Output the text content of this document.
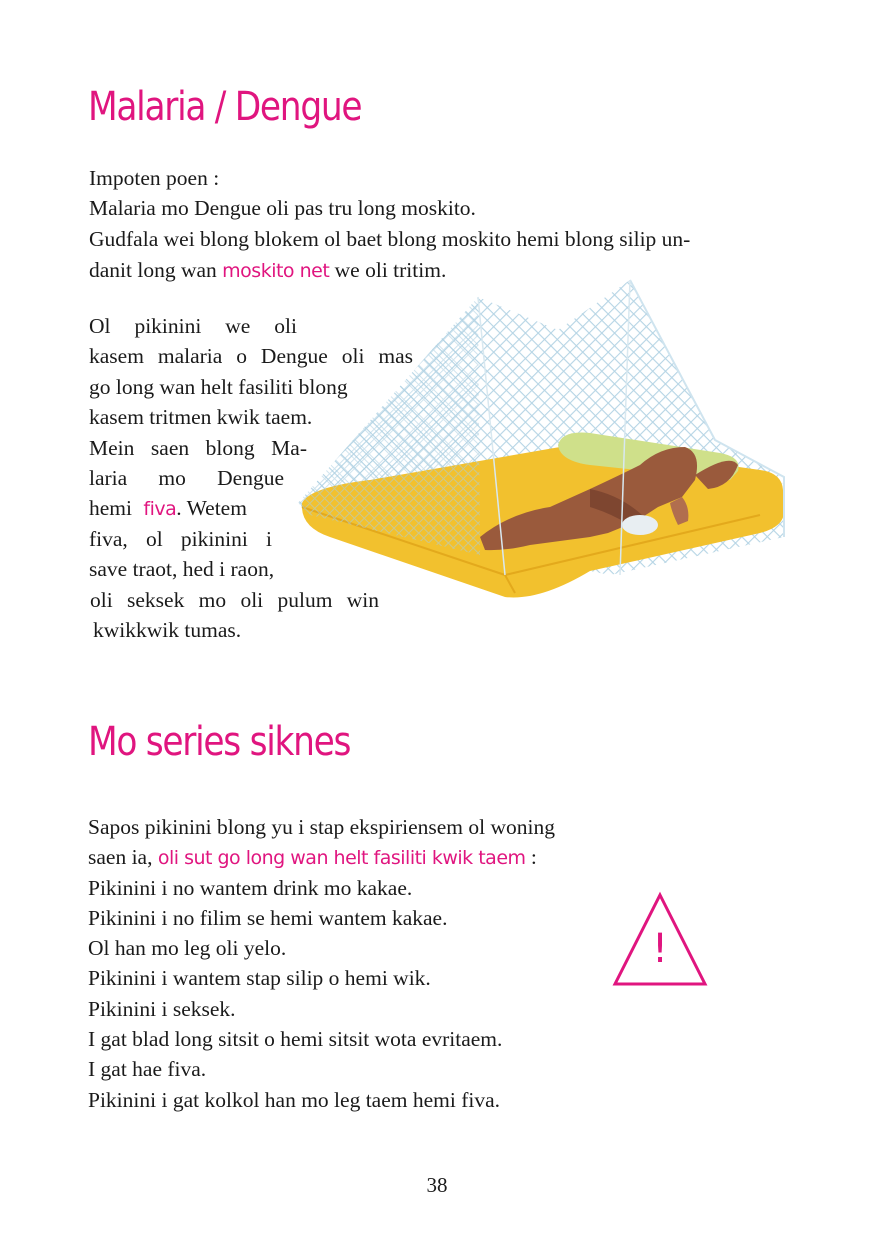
Malaria / Dengue
Impoten poen :
Malaria mo Dengue oli pas tru long moskito.
Gudfala wei blong blokem ol baet blong moskito hemi blong silip un-
danit long wan moskito net we oli tritim.
Ol pikinini we oli
kasem malaria o Dengue oli mas
go long wan helt fasiliti blong
kasem tritmen kwik taem.
Mein saen blong Ma-
laria mo Dengue
hemi fiva. Wetem
fiva, ol pikinini i
save traot, hed i raon,
oli seksek mo oli pulum win
kwikkwik tumas.
Mo series siknes
Sapos pikinini blong yu i stap ekspiriensem ol woning
saen ia, oli sut go long wan helt fasiliti kwik taem :
Pikinini i no wantem drink mo kakae.
Pikinini i no filim se hemi wantem kakae.
Ol han mo leg oli yelo.
Pikinini i wantem stap silip o hemi wik.
Pikinini i seksek.
I gat blad long sitsit o hemi sitsit wota evritaem.
I gat hae fiva.
Pikinini i gat kolkol han mo leg taem hemi fiva.
!
38
